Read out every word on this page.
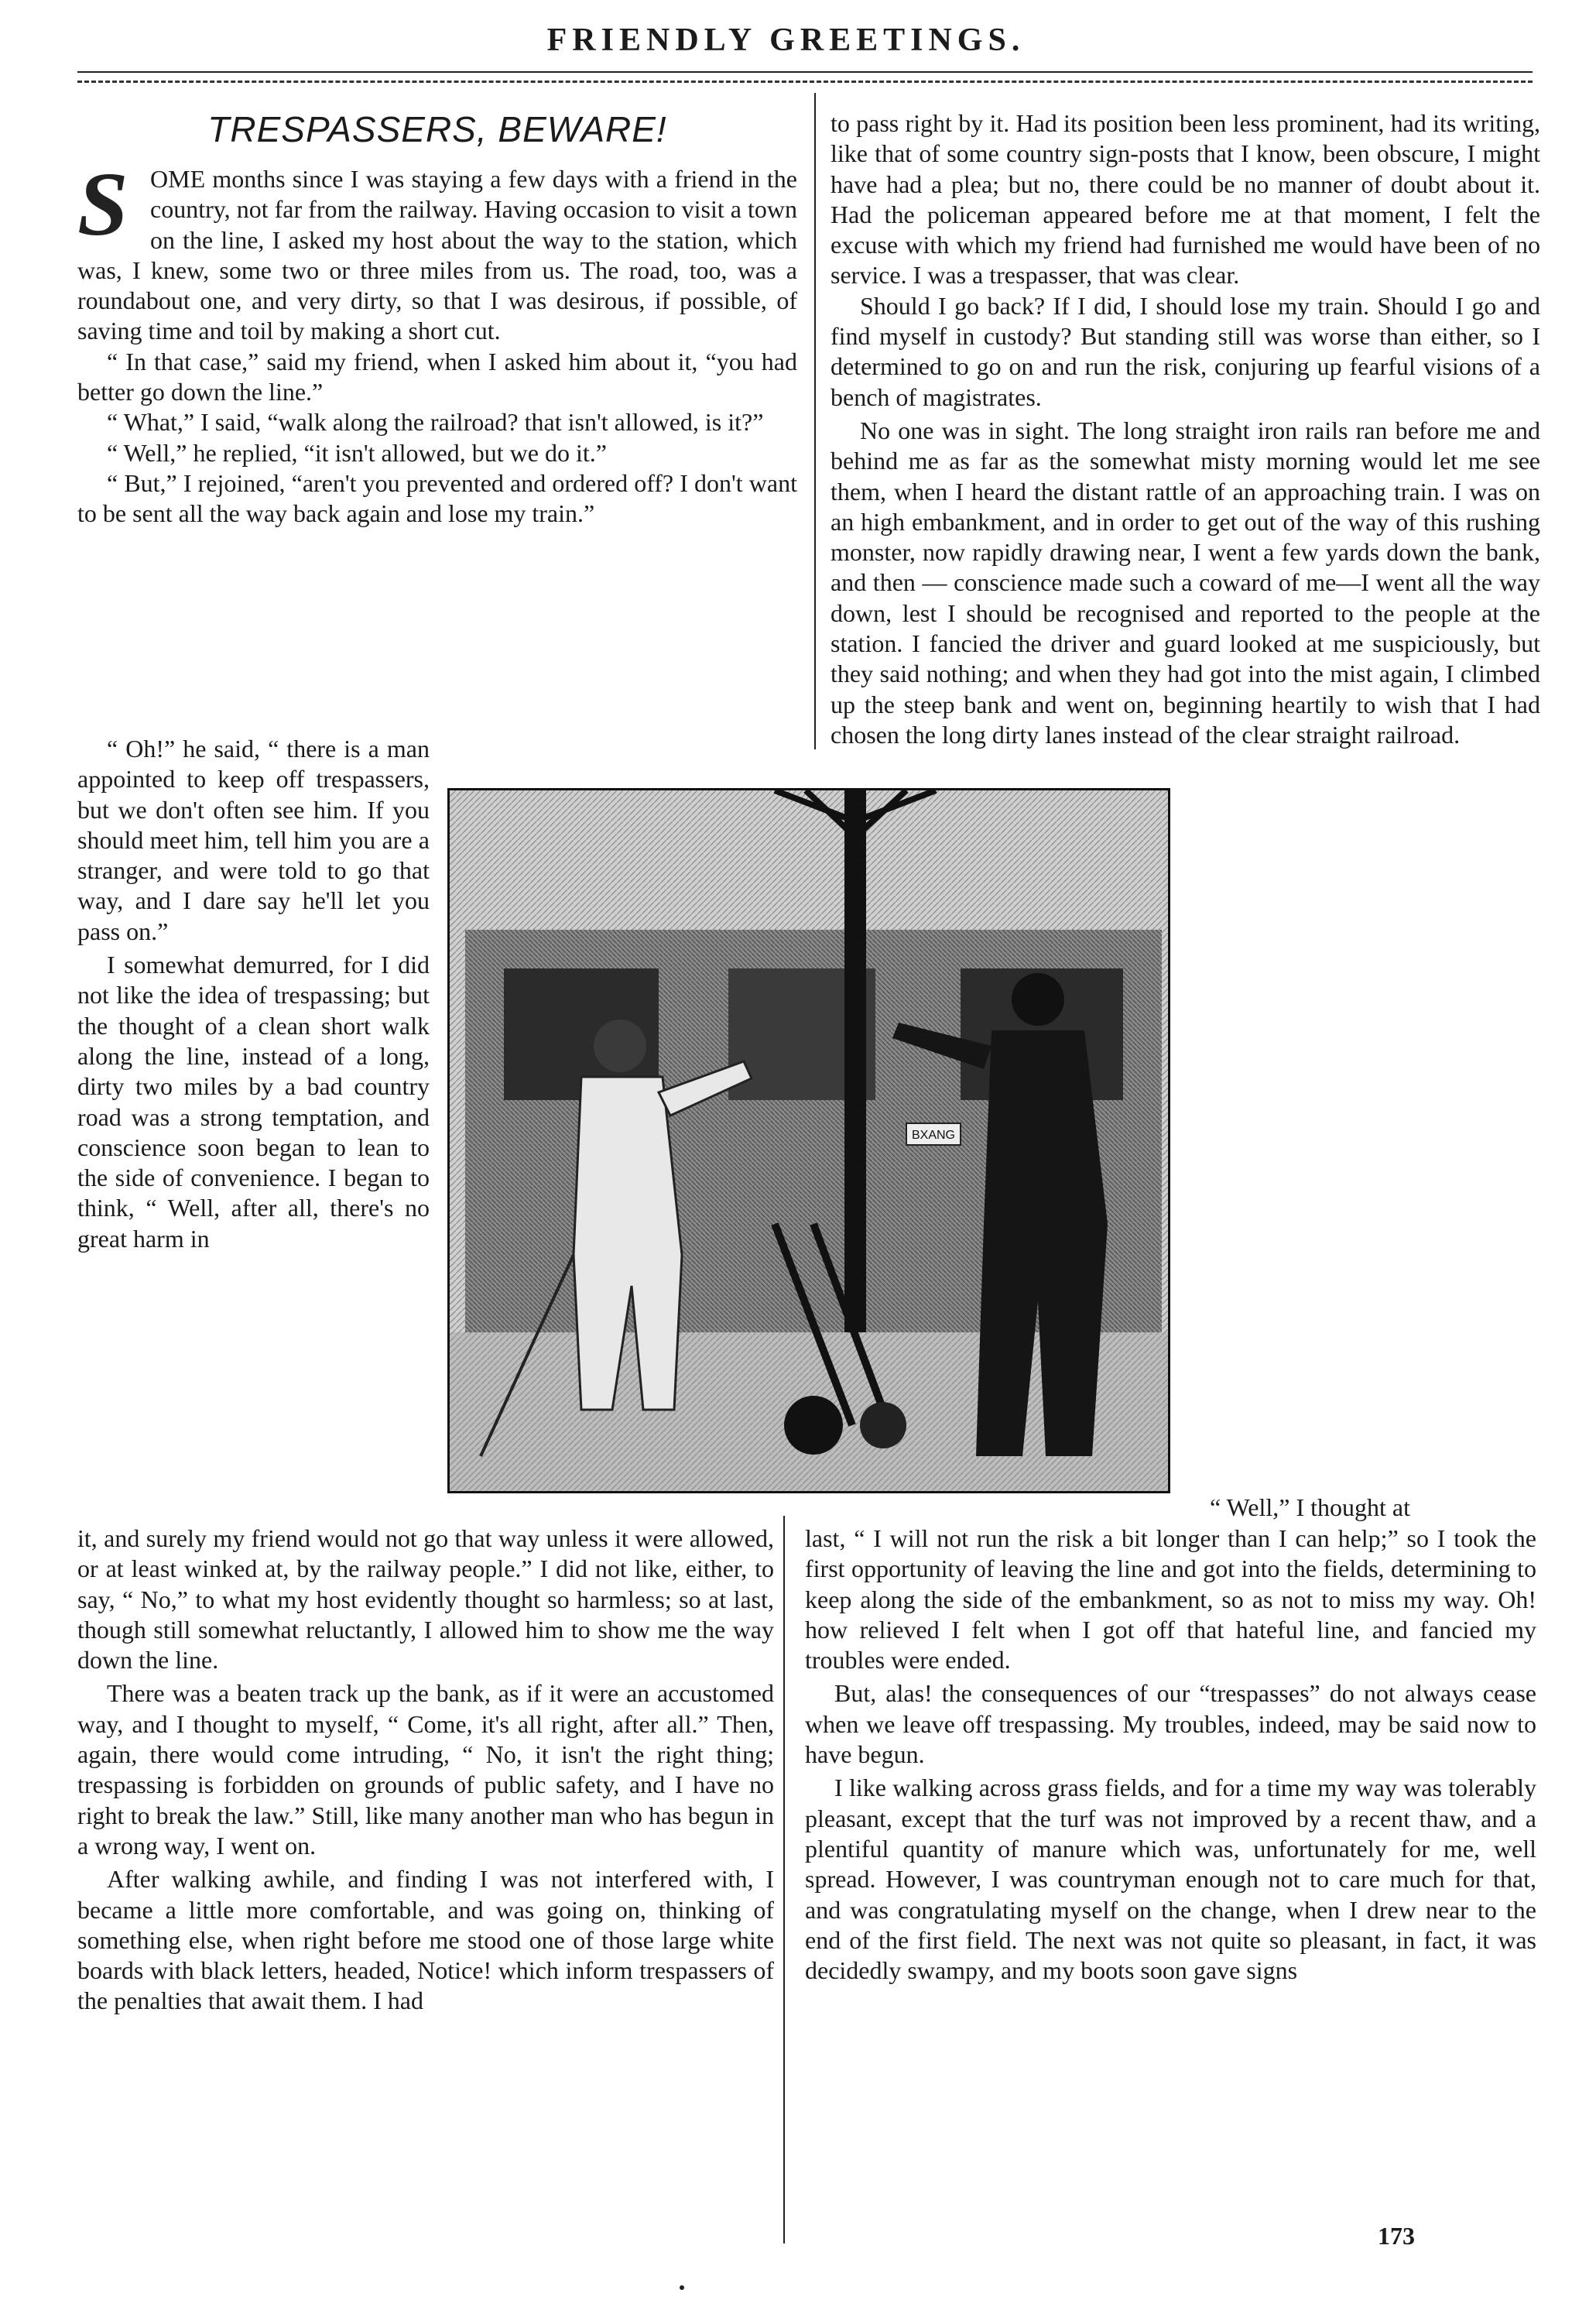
FRIENDLY GREETINGS.
TRESPASSERS, BEWARE!

SOME months since I was staying a few days with a friend in the country, not far from the railway. Having occasion to visit a town on the line, I asked my host about the way to the station, which was, I knew, some two or three miles from us. The road, too, was a roundabout one, and very dirty, so that I was desirous, if possible, of saving time and toil by making a short cut.

“ In that case,” said my friend, when I asked him about it, “you had better go down the line.”

“ What,” I said, “walk along the railroad? that isn't allowed, is it?”

“ Well,” he replied, “it isn't allowed, but we do it.”

“ But,” I rejoined, “aren't you prevented and ordered off? I don't want to be sent all the way back again and lose my train.”

“ Oh!” he said, “ there is a man appointed to keep off trespassers, but we don't often see him. If you should meet him, tell him you are a stranger, and were told to go that way, and I dare say he'll let you pass on.”

I somewhat demurred, for I did not like the idea of trespassing; but the thought of a clean short walk along the line, instead of a long, dirty two miles by a bad country road was a strong temptation, and conscience soon began to lean to the side of convenience. I began to think, “ Well, after all, there's no great harm in

BXANG

to pass right by it. Had its position been less prominent, had its writing, like that of some country sign-posts that I know, been obscure, I might have had a plea; but no, there could be no manner of doubt about it. Had the policeman appeared before me at that moment, I felt the excuse with which my friend had furnished me would have been of no service. I was a trespasser, that was clear.

Should I go back? If I did, I should lose my train. Should I go and find myself in custody? But standing still was worse than either, so I determined to go on and run the risk, conjuring up fearful visions of a bench of magistrates.

No one was in sight. The long straight iron rails ran before me and behind me as far as the somewhat misty morning would let me see them, when I heard the distant rattle of an approaching train. I was on an high embankment, and in order to get out of the way of this rushing monster, now rapidly drawing near, I went a few yards down the bank, and then — conscience made such a coward of me—I went all the way down, lest I should be recognised and reported to the people at the station. I fancied the driver and guard looked at me suspiciously, but they said nothing; and when they had got into the mist again, I climbed up the steep bank and went on, beginning heartily to wish that I had chosen the long dirty lanes instead of the clear straight railroad.

“ Well,” I thought at

it, and surely my friend would not go that way unless it were allowed, or at least winked at, by the railway people.” I did not like, either, to say, “ No,” to what my host evidently thought so harmless; so at last, though still somewhat reluctantly, I allowed him to show me the way down the line.

There was a beaten track up the bank, as if it were an accustomed way, and I thought to myself, “ Come, it's all right, after all.” Then, again, there would come intruding, “ No, it isn't the right thing; trespassing is forbidden on grounds of public safety, and I have no right to break the law.” Still, like many another man who has begun in a wrong way, I went on.

After walking awhile, and finding I was not interfered with, I became a little more comfortable, and was going on, thinking of something else, when right before me stood one of those large white boards with black letters, headed, Notice! which inform trespassers of the penalties that await them. I had

last, “ I will not run the risk a bit longer than I can help;” so I took the first opportunity of leaving the line and got into the fields, determining to keep along the side of the embankment, so as not to miss my way. Oh! how relieved I felt when I got off that hateful line, and fancied my troubles were ended.

But, alas! the consequences of our “trespasses” do not always cease when we leave off trespassing. My troubles, indeed, may be said now to have begun.

I like walking across grass fields, and for a time my way was tolerably pleasant, except that the turf was not improved by a recent thaw, and a plentiful quantity of manure which was, unfortunately for me, well spread. However, I was countryman enough not to care much for that, and was congratulating myself on the change, when I drew near to the end of the first field. The next was not quite so pleasant, in fact, it was decidedly swampy, and my boots soon gave signs

173
